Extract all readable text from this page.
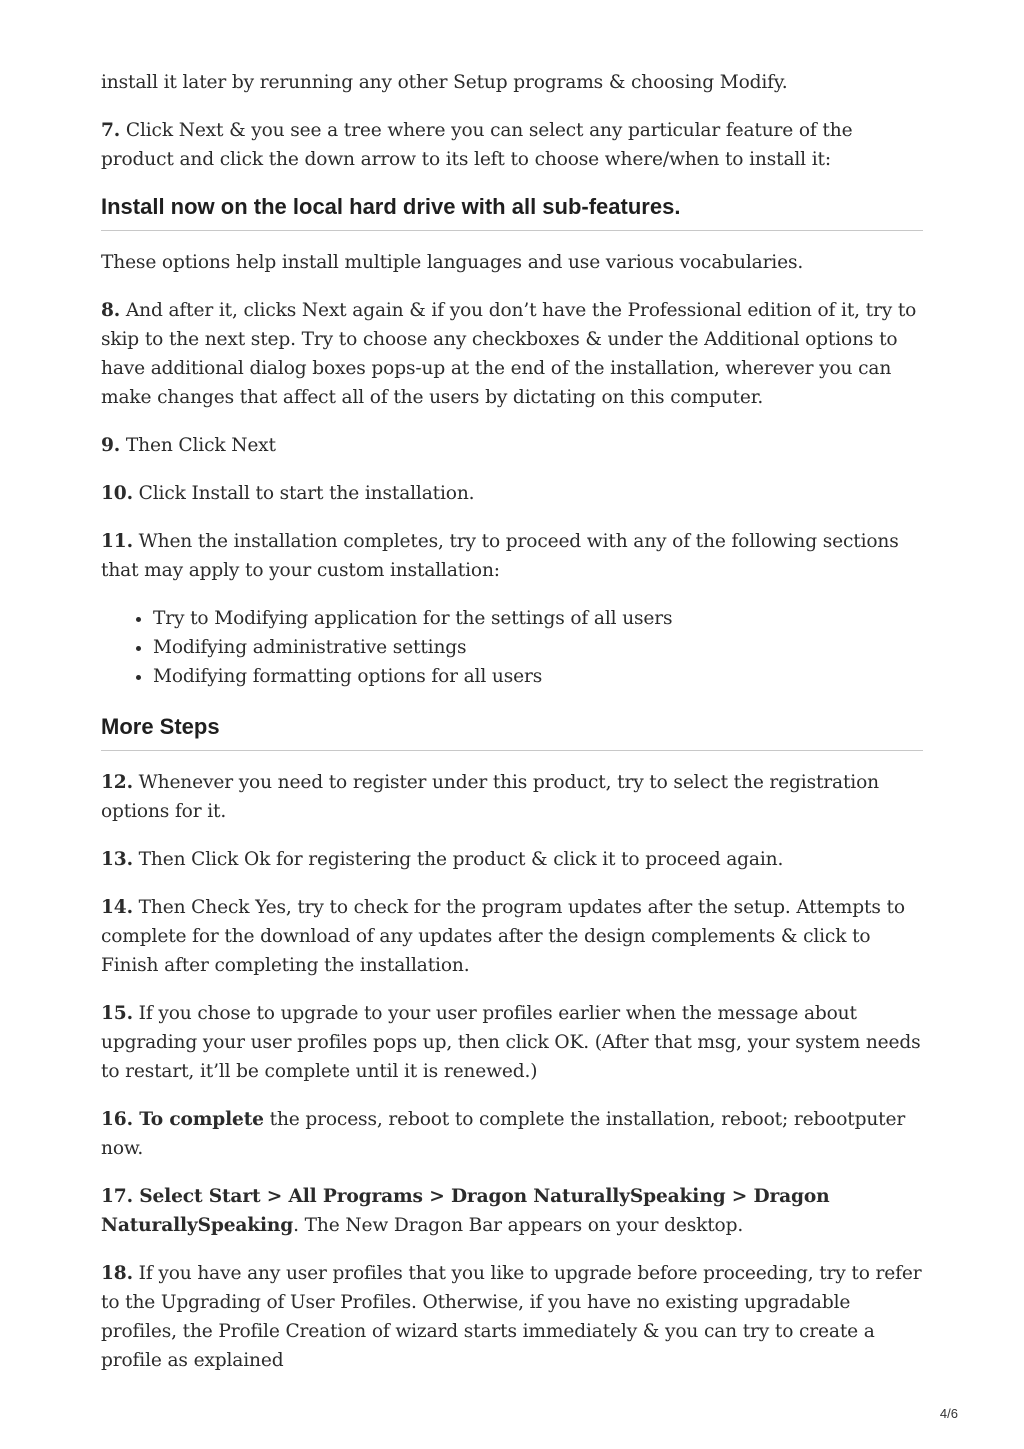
install it later by rerunning any other Setup programs & choosing Modify.

7. Click Next & you see a tree where you can select any particular feature of the product and click the down arrow to its left to choose where/when to install it:

Install now on the local hard drive with all sub-features.

These options help install multiple languages and use various vocabularies.

8. And after it, clicks Next again & if you don’t have the Professional edition of it, try to skip to the next step. Try to choose any checkboxes & under the Additional options to have additional dialog boxes pops-up at the end of the installation, wherever you can make changes that affect all of the users by dictating on this computer.

9. Then Click Next

10. Click Install to start the installation.

11. When the installation completes, try to proceed with any of the following sections that may apply to your custom installation:

• Try to Modifying application for the settings of all users
• Modifying administrative settings
• Modifying formatting options for all users
More Steps

12. Whenever you need to register under this product, try to select the registration options for it.

13. Then Click Ok for registering the product & click it to proceed again.

14. Then Check Yes, try to check for the program updates after the setup. Attempts to complete for the download of any updates after the design complements & click to Finish after completing the installation.

15. If you chose to upgrade to your user profiles earlier when the message about upgrading your user profiles pops up, then click OK. (After that msg, your system needs to restart, it’ll be complete until it is renewed.)

16. To complete the process, reboot to complete the installation, reboot; rebootputer now.

17. Select Start > All Programs > Dragon NaturallySpeaking > Dragon NaturallySpeaking. The New Dragon Bar appears on your desktop.

18. If you have any user profiles that you like to upgrade before proceeding, try to refer to the Upgrading of User Profiles. Otherwise, if you have no existing upgradable profiles, the Profile Creation of wizard starts immediately & you can try to create a profile as explained

4/6
